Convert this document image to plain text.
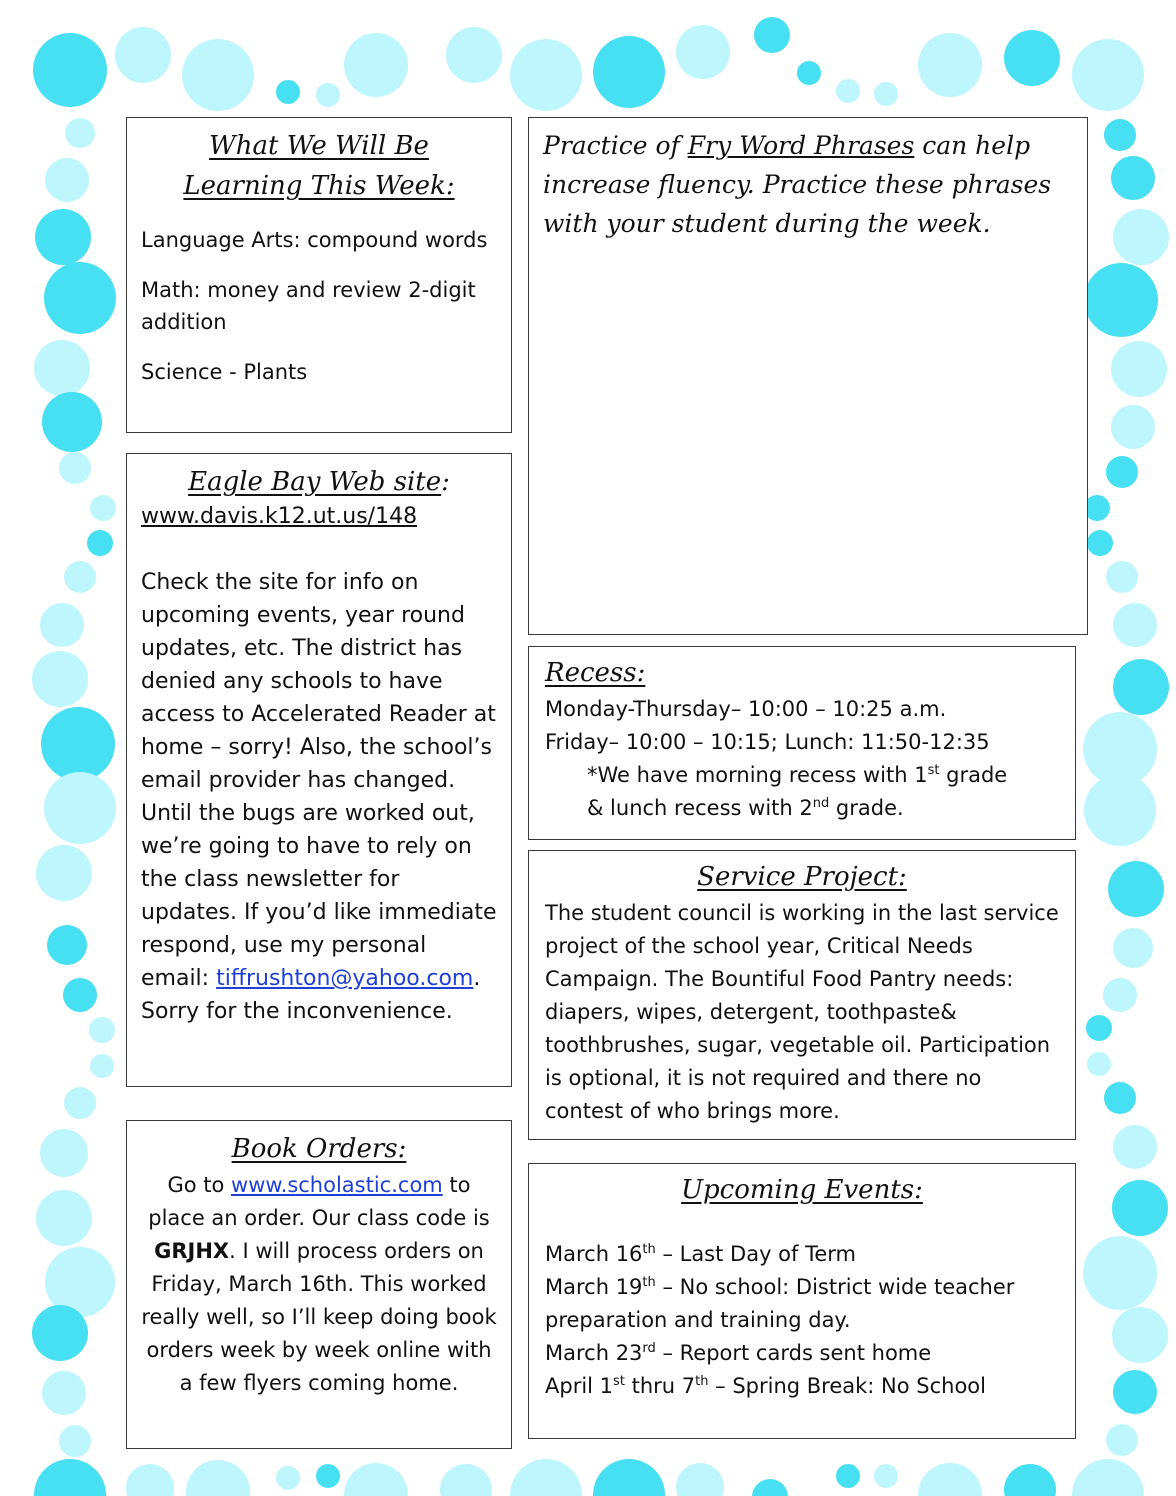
What We Will Be
Learning This Week:

Language Arts: compound words

Math: money and review 2-digit addition

Science - Plants

Practice of Fry Word Phrases can help increase fluency. Practice these phrases with your student during the week.

Eagle Bay Web site:

www.davis.k12.ut.us/148

Check the site for info on upcoming events, year round updates, etc. The district has denied any schools to have access to Accelerated Reader at home – sorry! Also, the school’s email provider has changed. Until the bugs are worked out, we’re going to have to rely on the class newsletter for updates. If you’d like immediate respond, use my personal email: tiffrushton@yahoo.com. Sorry for the inconvenience.

Recess:

Monday-Thursday– 10:00 – 10:25 a.m.

Friday– 10:00 – 10:15; Lunch: 11:50-12:35

*We have morning recess with 1st grade
& lunch recess with 2nd grade.

Service Project:

The student council is working in the last service project of the school year, Critical Needs Campaign. The Bountiful Food Pantry needs: diapers, wipes, detergent, toothpaste& toothbrushes, sugar, vegetable oil. Participation is optional, it is not required and there no contest of who brings more.

Book Orders:

Go to www.scholastic.com to place an order. Our class code is GRJHX. I will process orders on Friday, March 16th. This worked really well, so I’ll keep doing book orders week by week online with a few flyers coming home.

Upcoming Events:

March 16th – Last Day of Term

March 19th – No school: District wide teacher preparation and training day.

March 23rd – Report cards sent home

April 1st thru 7th – Spring Break: No School
